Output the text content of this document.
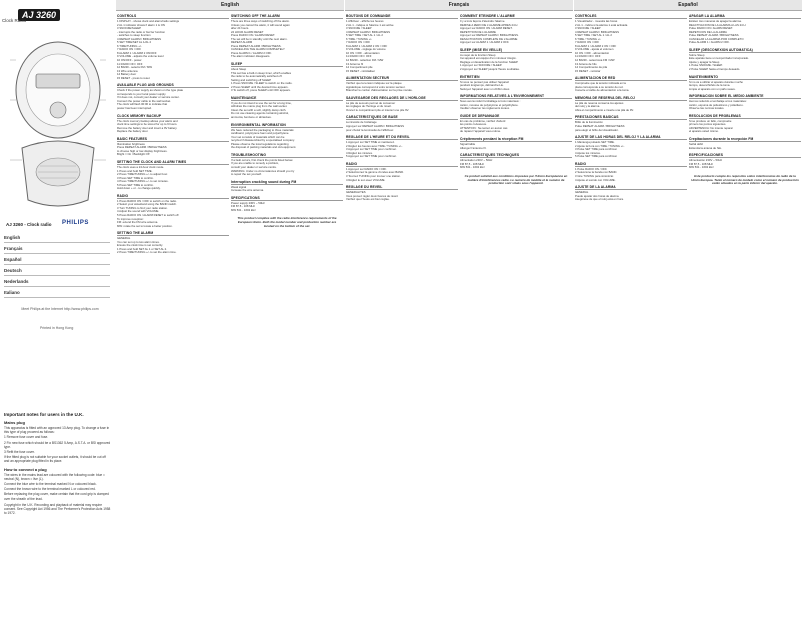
AJ 3260
Clock Radio
AJ 3260 - Clock radio PHILIPS
English
Français
Español
Deutsch
Nederlands
Italiano
Meet Philips at the Internet http://www.philips.com
Printed in Hong Kong
Important notes for users in the U.K.
Mains plug

This apparatus is fitted with an approved 13 Amp plug. To change a fuse in this type of plug proceed as follows:

1 Remove fuse cover and fuse.

2 Fix new fuse which should be a BS1362 5 Amp, A.S.T.A. or BSI approved type.

3 Refit the fuse cover.

If the fitted plug is not suitable for your socket outlets, it should be cut off and an appropriate plug fitted in its place.

How to connect a plug

The wires in the mains lead are coloured with the following code: blue = neutral (N), brown = live (L).

Connect the blue wire to the terminal marked N or coloured black.

Connect the brown wire to the terminal marked L or coloured red.

Before replacing the plug cover, make certain that the cord grip is clamped over the sheath of the lead.

Copyright in the U.K. Recording and playback of material may require consent. See Copyright Act 1956 and The Performer's Protection Acts 1958 to 1972.

English
CONTROLS
1 DISPLAY - shows clock and alarm/radio settings
2 AL 1 indicator shows if alarm 1 is ON
3 SNOOZE/SLEEP
- interrupts the radio or buzzer function
- switches to sleep function
4 REPEAT ALARM / BRIGHTNESS
5 SET TIME/SET AL 1/AL 2
6 TIME/TUNING +/-
7 RADIO ON / OFF
8 ALARM 1 / ALARM 2 ON/OFF
9 VOLUME - adjusts the volume level
10 ON/OFF - power
11 RADIO ON / OFF
12 BAND - selects FM / MW
13 Wire antenna
14 Battery door
15 RESET - press to reset
AVAILABLE PLUG AND GROUNDS
Check if the power supply as shown on the type plate
corresponds to your local power supply.
If it does not, consult your dealer or service center.
Connect the power cable to the wall socket.
The clock will flash 00:00 to indicate that
power has been interrupted.
CLOCK MEMORY BACKUP
The clock memory backup allows your alarm and
clock time settings to be stored for up to 6 hours.
Remove the battery door and insert a 9V battery.
Replace the battery door.
BASIC FEATURES
Illumination brightness
Press REPEAT ALARM / BRIGHTNESS
to choose high or low display brightness.
Bright = On / Backlight Off
SETTING THE CLOCK AND ALARM TIMES
The clock uses a 24-hour clock mode.
1 Press and hold SET TIME.
2 Press TIME/TUNING +/- to adjust hour.
3 Press SET TIME to confirm.
4 Press TIME/TUNING +/- to set minutes.
5 Press SET TIME to confirm.
Hold down + or - to change quickly.
RADIO
1 Press RADIO ON / OFF to switch on the radio.
2 Select your waveband using the BAND switch.
3 Turn TUNING to find your radio station.
4 Adjust the sound with VOLUME.
5 Press RADIO ON / ALARM RESET to switch off.
To improve reception:
FM: extend the FM wire antenna.
MW: rotate the set to locate a better position.
SETTING THE ALARM
GENERAL
You can set up to two alarm times.
Ensure the clock time is set correctly.
1 Press and hold SET AL 1 or SET AL 2.
2 Press TIME/TUNING +/- to set the alarm time.
SWITCHING OFF THE ALARM
There are three ways of switching off the alarm.
Unless you cancel the alarm, it will sound again
after 24 hours.
24 HOUR ALARM RESET
Press RADIO ON / ALARM RESET.
The set will be in standby until the next alarm.
REPEAT ALARM
Press REPEAT ALARM / BRIGHTNESS.
CANCELLING THE ALARM COMPLETELY
Press ALARM 1 / ALARM 2 OFF.
The alarm indicator disappears.
SLEEP
About Sleep
This set has a built-in sleep timer, which enables
the radio to be automatically switched off.
Setting and switching off SLEEP
1 Press SNOOZE / SLEEP to switch on the radio.
2 Press SLEEP until the desired time appears.
3 To switch off, press SLEEP until OFF appears.
MAINTENANCE
If you do not intend to use the set for a long time,
withdraw the mains plug from the wall socket.
Clean the set with a soft, slightly damp cloth.
Do not use cleaning agents containing alcohol,
ammonia, benzene or abrasives.
ENVIRONMENTAL INFORMATION
We have reduced the packaging to three materials:
cardboard, polystyrene foam and polyethylene.
Your set consists of materials which can be
recycled if disassembled by a specialised company.
Please observe the local regulations regarding
the disposal of packing materials and old equipment.
TROUBLESHOOTING
If a fault occurs, first check the points listed below.
If you are unable to remedy a problem,
consult your dealer or service centre.
WARNING: Under no circumstances should you try
to repair the set yourself.
Interruption crackling sound during FM
Weak signal
Increase the wire antenna.
SPECIFICATIONS
Power supply 230V ~ 50Hz
FM 87.5 - 108 MHz
MW 531 - 1602 kHz
This product complies with the radio interference requirements of the European Union. Both the model number and production number are located on the bottom of the set.
Français
BOUTONS DE COMMANDE
1 Afficheur - affiche les heures
2 AL 1 - indique si l'alarme 1 est active
3 SNOOZE / SLEEP
4 REPEAT ALARM / BRIGHTNESS
5 SET TIME / SET AL 1 / AL 2
6 TIME / TUNING +/-
7 RADIO ON / OFF
8 ALARM 1 / ALARM 2 ON / OFF
9 VOLUME - réglage du volume
10 ON / OFF - alimentation
11 RADIO ON / OFF
12 BAND - sélection FM / MW
13 Antenne fil
14 Compartiment pile
15 RESET - réinitialiser
ALIMENTATION SECTEUR
Vérifiez que la tension indiquée sur la plaque
signalétique correspond à votre tension secteur.
Branchez le cordon d'alimentation sur la prise murale.
SAUVEGARDE DES REGLAGES DE L'HORLOGE
La pile de secours permet de conserver
les réglages de l'horloge et du réveil.
Ouvrez le compartiment pile et insérez une pile 9V.
CARACTERISTIQUES DE BASE
Luminosité de l'éclairage
Appuyez sur REPEAT ALARM / BRIGHTNESS
pour choisir la luminosité de l'afficheur.
REGLAGE DE L'HEURE ET DU REVEIL
1 Appuyez sur SET TIME et maintenez.
2 Réglez les heures avec TIME / TUNING +/-.
3 Appuyez sur SET TIME pour confirmer.
4 Réglez les minutes.
5 Appuyez sur SET TIME pour confirmer.
RADIO
1 Appuyez sur RADIO ON / OFF.
2 Sélectionnez la gamme d'ondes avec BAND.
3 Tournez TUNING pour trouver une station.
4 Réglez le son avec VOLUME.
REGLAGE DU REVEIL
GENERALITES
Vous pouvez régler deux heures de réveil.
Vérifiez que l'heure est bien réglée.
COMMENT ETEINDRE L'ALARME
Il y a trois façons d'éteindre l'alarme.
REMISE A ZERO DE L'ALARME APRES 24 H
Appuyez sur RADIO ON / ALARM RESET.
REPETITION DE L'ALARME
Appuyez sur REPEAT ALARM / BRIGHTNESS.
DESACTIVATION COMPLETE DE L'ALARME
Appuyez sur ALARM 1 / ALARM 2 OFF.
SLEEP (MISE EN VEILLE)
Au sujet de la fonction Sleep
Cet appareil est équipé d'un minuteur intégré.
Réglage et désactivation de la fonction SLEEP
1 Appuyez sur SNOOZE / SLEEP.
2 Appuyez sur SLEEP jusqu'à l'heure souhaitée.
ENTRETIEN
Si vous ne pensez pas utiliser l'appareil
pendant longtemps, débranchez-le.
Nettoyez l'appareil avec un chiffon doux.
INFORMATIONS RELATIVES A L'ENVIRONNEMENT
Nous avons réduit l'emballage à trois matériaux :
carton, mousse de polystyrène et polyéthylène.
Veuillez observer les règlements locaux.
GUIDE DE DEPANNAGE
En cas de problème, vérifiez d'abord
les points ci-dessous.
ATTENTION : Ne tentez en aucun cas
de réparer l'appareil vous-même.
Crépitements pendant la réception FM
Signal faible
Allongez l'antenne fil.
CARACTERISTIQUES TECHNIQUES
Alimentation 230V ~ 50Hz
FM 87,5 - 108 MHz
MW 531 - 1602 kHz
Ce produit satisfait aux conditions imposées par l'Union Européenne en matière d'interférences radio. Le numéro de modèle et le numéro de production sont situés sous l'appareil.
Español
CONTROLES
1 Visualizador - muestra las horas
2 AL 1 - indica si la alarma 1 está activada
3 SNOOZE / SLEEP
4 REPEAT ALARM / BRIGHTNESS
5 SET TIME / SET AL 1 / AL 2
6 TIME / TUNING +/-
7 RADIO ON / OFF
8 ALARM 1 / ALARM 2 ON / OFF
9 VOLUME - ajusta el volumen
10 ON / OFF - alimentación
11 RADIO ON / OFF
12 BAND - selecciona FM / MW
13 Antena de hilo
14 Compartimento de pila
15 RESET - reiniciar
ALIMENTACION DE RED
Compruebe que la tensión indicada en la
placa corresponde a su tensión de red.
Conecte el cable de alimentación a la toma.
MEMORIA DE RESERVA DEL RELOJ
La pila de reserva conserva los ajustes
del reloj y la alarma.
Abra el compartimento e inserte una pila de 9V.
PRESTACIONES BASICAS
Brillo de la iluminación
Pulse REPEAT ALARM / BRIGHTNESS
para elegir el brillo del visualizador.
AJUSTE DE LAS HORAS DEL RELOJ Y LA ALARMA
1 Mantenga pulsado SET TIME.
2 Ajuste la hora con TIME / TUNING +/-.
3 Pulse SET TIME para confirmar.
4 Ajuste los minutos.
5 Pulse SET TIME para confirmar.
RADIO
1 Pulse RADIO ON / OFF.
2 Seleccione la banda con BAND.
3 Gire TUNING para sintonizar.
4 Ajuste el sonido con VOLUME.
AJUSTE DE LA ALARMA
GENERAL
Puede ajustar dos horas de alarma.
Asegúrese de que el reloj está en hora.
APAGAR LA ALARMA
Existen tres maneras de apagar la alarma.
REACTIVACION DE LA ALARMA A LAS 24 H
Pulse RADIO ON / ALARM RESET.
REPETICION DE LA ALARMA
Pulse REPEAT ALARM / BRIGHTNESS.
CANCELAR LA ALARMA POR COMPLETO
Pulse ALARM 1 / ALARM 2 OFF.
SLEEP (DESCONEXION AUTOMATICA)
Sobre Sleep
Este aparato tiene un temporizador incorporado.
Ajuste y apagar la Sleep
1 Pulse SNOOZE / SLEEP.
2 Pulse SLEEP hasta el tiempo deseado.
MANTENIMIENTO
Si no va a utilizar el aparato durante mucho
tiempo, desenchúfelo de la toma.
Limpie el aparato con un paño suave.
INFORMACION SOBRE EL MEDIO AMBIENTE
Hemos reducido el embalaje a tres materiales:
cartón, espuma de poliestireno y polietileno.
Observe las normas locales.
RESOLUCION DE PROBLEMAS
Si se produce un fallo, compruebe
primero los puntos siguientes.
ADVERTENCIA: No intente reparar
el aparato usted mismo.
Crepitaciones durante la recepción FM
Señal débil
Extienda la antena de hilo.
ESPECIFICACIONES
Alimentación 230V ~ 50Hz
FM 87,5 - 108 MHz
MW 531 - 1602 kHz
Este producto cumple los requisitos sobre interferencias de radio de la Unión Europea. Tanto el número de modelo como el número de producción están situados en la parte inferior del aparato.
